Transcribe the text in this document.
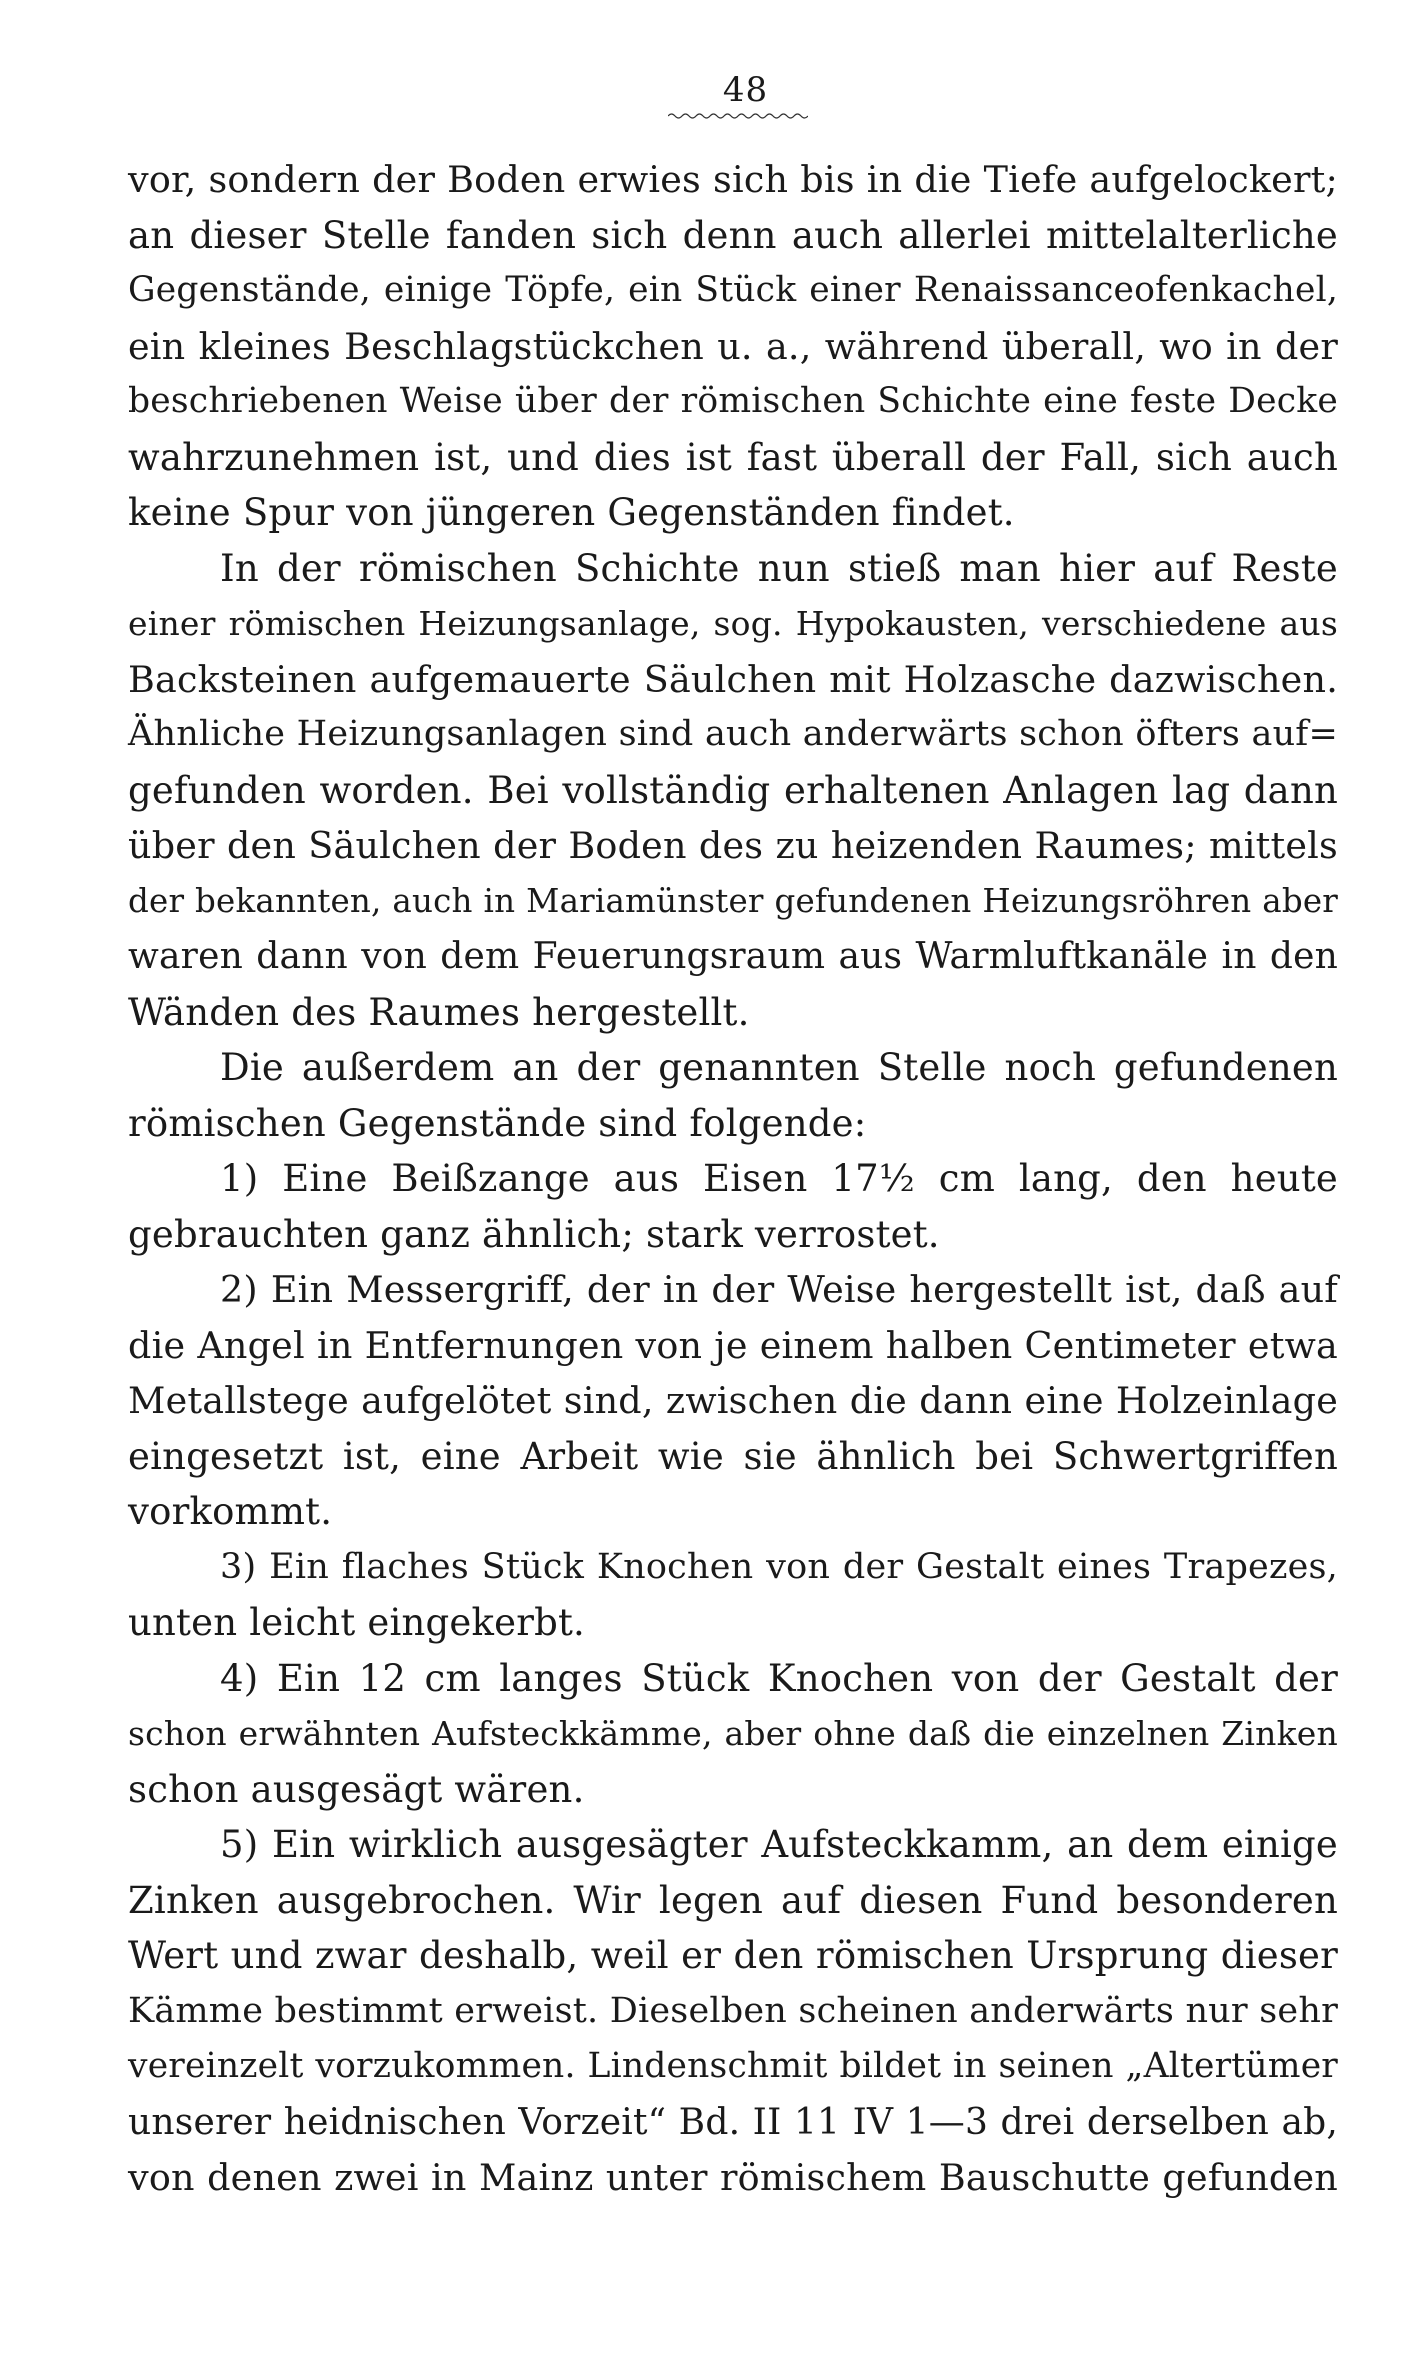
48
vor, sondern der Boden erwies sich bis in die Tiefe aufgelockert;
an dieser Stelle fanden sich denn auch allerlei mittelalterliche
Gegenstände, einige Töpfe, ein Stück einer Renaissanceofenkachel,
ein kleines Beschlagstückchen u. a., während überall, wo in der
beschriebenen Weise über der römischen Schichte eine feste Decke
wahrzunehmen ist, und dies ist fast überall der Fall, sich auch
keine Spur von jüngeren Gegenständen findet.
In der römischen Schichte nun stieß man hier auf Reste
einer römischen Heizungsanlage, sog. Hypokausten, verschiedene aus
Backsteinen aufgemauerte Säulchen mit Holzasche dazwischen.
Ähnliche Heizungsanlagen sind auch anderwärts schon öfters auf=
gefunden worden. Bei vollständig erhaltenen Anlagen lag dann
über den Säulchen der Boden des zu heizenden Raumes; mittels
der bekannten, auch in Mariamünster gefundenen Heizungsröhren aber
waren dann von dem Feuerungsraum aus Warmluftkanäle in den
Wänden des Raumes hergestellt.
Die außerdem an der genannten Stelle noch gefundenen
römischen Gegenstände sind folgende:
1) Eine Beißzange aus Eisen 17½ cm lang, den heute
gebrauchten ganz ähnlich; stark verrostet.
2) Ein Messergriff, der in der Weise hergestellt ist, daß auf
die Angel in Entfernungen von je einem halben Centimeter etwa
Metallstege aufgelötet sind, zwischen die dann eine Holzeinlage
eingesetzt ist, eine Arbeit wie sie ähnlich bei Schwertgriffen
vorkommt.
3) Ein flaches Stück Knochen von der Gestalt eines Trapezes,
unten leicht eingekerbt.
4) Ein 12 cm langes Stück Knochen von der Gestalt der
schon erwähnten Aufsteckkämme, aber ohne daß die einzelnen Zinken
schon ausgesägt wären.
5) Ein wirklich ausgesägter Aufsteckkamm, an dem einige
Zinken ausgebrochen. Wir legen auf diesen Fund besonderen
Wert und zwar deshalb, weil er den römischen Ursprung dieser
Kämme bestimmt erweist. Dieselben scheinen anderwärts nur sehr
vereinzelt vorzukommen. Lindenschmit bildet in seinen „Altertümer
unserer heidnischen Vorzeit“ Bd. II 11 IV 1—3 drei derselben ab,
von denen zwei in Mainz unter römischem Bauschutte gefunden
